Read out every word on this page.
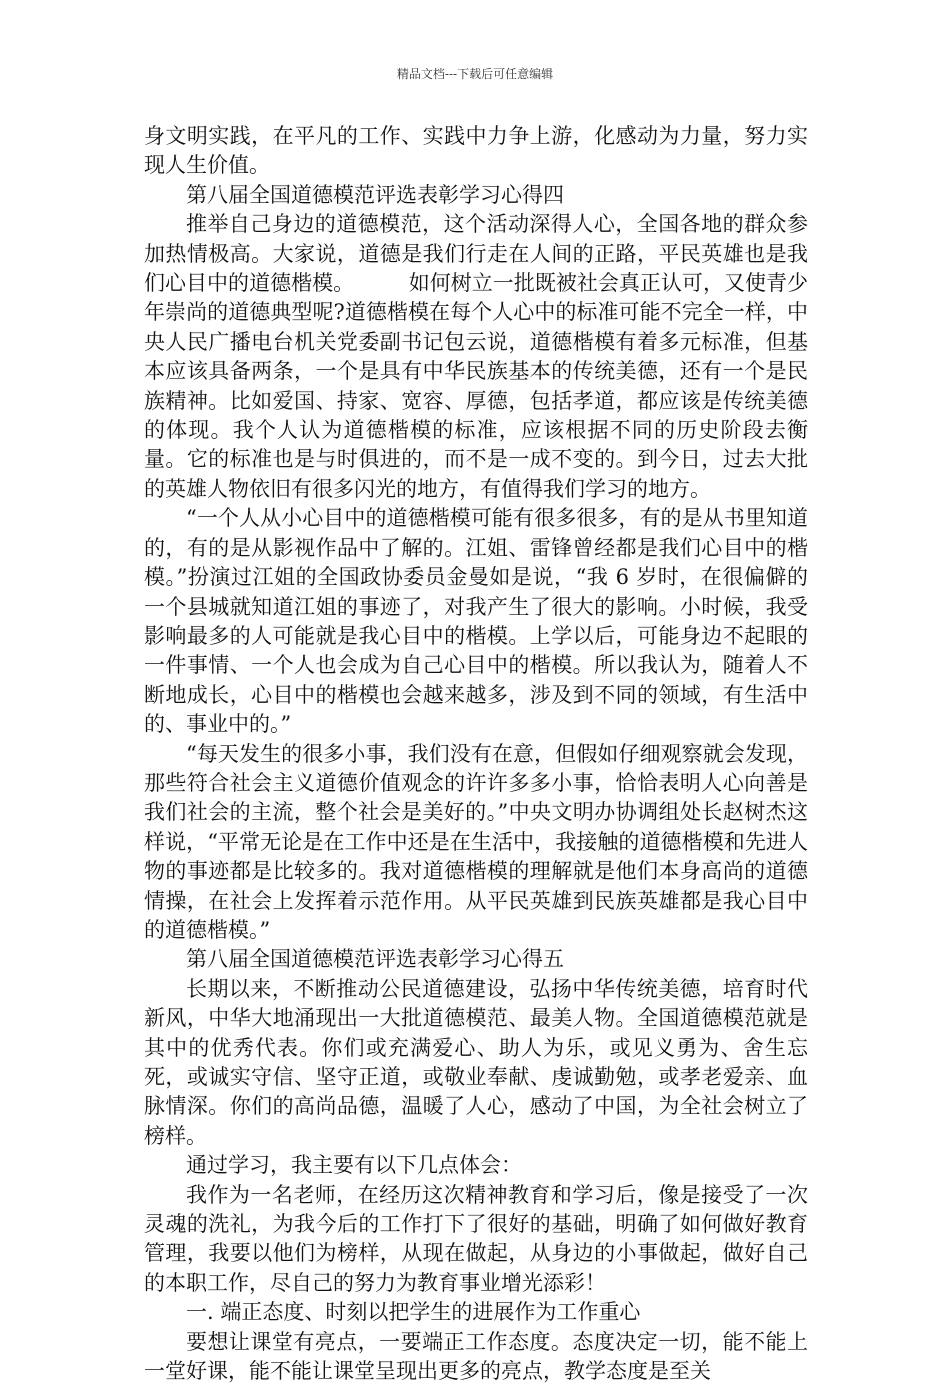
精品文档---下载后可任意编辑

身文明实践，在平凡的工作、实践中力争上游，化感动为力量，努力实现人生价值。

第八届全国道德模范评选表彰学习心得四

推举自己身边的道德模范，这个活动深得人心，全国各地的群众参加热情极高。大家说，道德是我们行走在人间的正路，平民英雄也是我们心目中的道德楷模。	如何树立一批既被社会真正认可，又使青少年崇尚的道德典型呢?道德楷模在每个人心中的标准可能不完全一样，中央人民广播电台机关党委副书记包云说，道德楷模有着多元标准，但基本应该具备两条，一个是具有中华民族基本的传统美德，还有一个是民族精神。比如爱国、持家、宽容、厚德，包括孝道，都应该是传统美德的体现。我个人认为道德楷模的标准，应该根据不同的历史阶段去衡量。它的标准也是与时俱进的，而不是一成不变的。到今日，过去大批的英雄人物依旧有很多闪光的地方，有值得我们学习的地方。

“一个人从小心目中的道德楷模可能有很多很多，有的是从书里知道的，有的是从影视作品中了解的。江姐、雷锋曾经都是我们心目中的楷模。”扮演过江姐的全国政协委员金曼如是说，“我 6 岁时，在很偏僻的一个县城就知道江姐的事迹了，对我产生了很大的影响。小时候，我受影响最多的人可能就是我心目中的楷模。上学以后，可能身边不起眼的一件事情、一个人也会成为自己心目中的楷模。所以我认为，随着人不断地成长，心目中的楷模也会越来越多，涉及到不同的领域，有生活中的、事业中的。”

“每天发生的很多小事，我们没有在意，但假如仔细观察就会发现，那些符合社会主义道德价值观念的许许多多小事，恰恰表明人心向善是我们社会的主流，整个社会是美好的。”中央文明办协调组处长赵树杰这样说，“平常无论是在工作中还是在生活中，我接触的道德楷模和先进人物的事迹都是比较多的。我对道德楷模的理解就是他们本身高尚的道德情操，在社会上发挥着示范作用。从平民英雄到民族英雄都是我心目中的道德楷模。”

第八届全国道德模范评选表彰学习心得五

长期以来，不断推动公民道德建设，弘扬中华传统美德，培育时代新风，中华大地涌现出一大批道德模范、最美人物。全国道德模范就是其中的优秀代表。你们或充满爱心、助人为乐，或见义勇为、舍生忘死，或诚实守信、坚守正道，或敬业奉献、虔诚勤勉，或孝老爱亲、血脉情深。你们的高尚品德，温暖了人心，感动了中国，为全社会树立了榜样。

通过学习，我主要有以下几点体会：

我作为一名老师，在经历这次精神教育和学习后，像是接受了一次灵魂的洗礼，为我今后的工作打下了很好的基础，明确了如何做好教育管理，我要以他们为榜样，从现在做起，从身边的小事做起，做好自己的本职工作，尽自己的努力为教育事业增光添彩！

一. 端正态度、时刻以把学生的进展作为工作重心

要想让课堂有亮点，一要端正工作态度。态度决定一切，能不能上一堂好课，能不能让课堂呈现出更多的亮点，教学态度是至关
